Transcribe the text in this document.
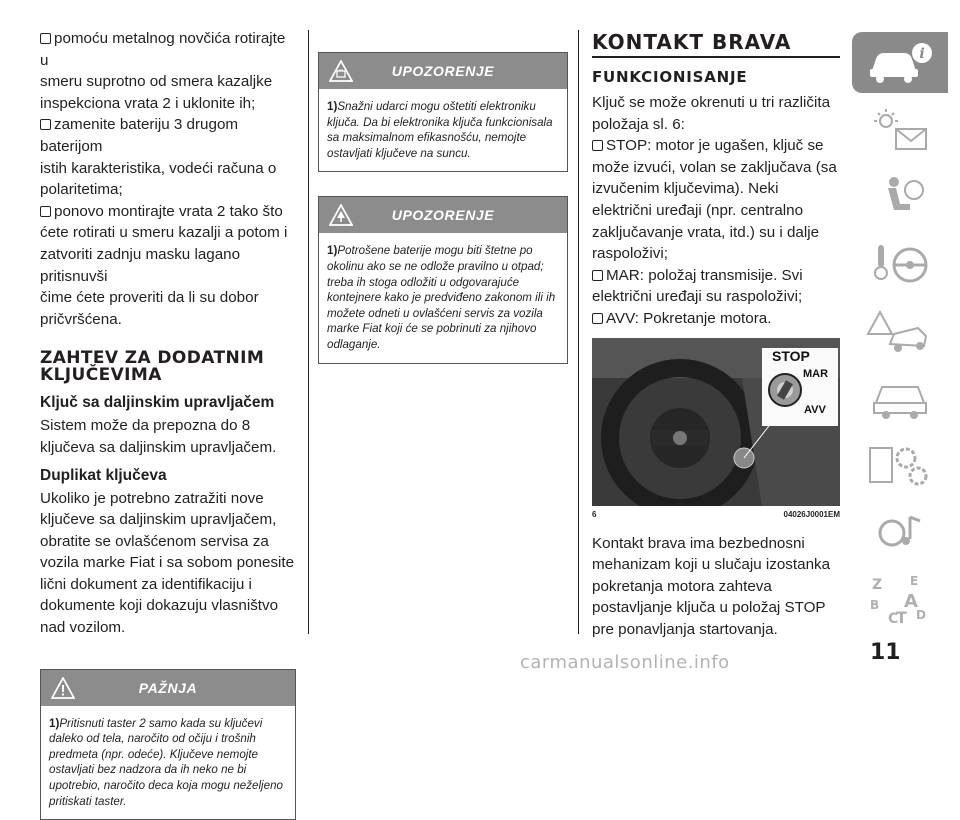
pomoću metalnog novčića rotirajte u
smeru suprotno od smera kazaljke
inspekciona vrata 2 i uklonite ih;
zamenite bateriju 3 drugom baterijom
istih karakteristika, vodeći računa o
polaritetima;
ponovo montirajte vrata 2 tako što
ćete rotirati u smeru kazalji a potom i
zatvoriti zadnju masku lagano pritisnuvši
čime ćete proveriti da li su dobor
pričvršćena.

ZAHTEV ZA DODATNIM KLJUČEVIMA
Ključ sa daljinskim upravljačem

Sistem može da prepozna do 8 ključeva sa daljinskim upravljačem.

Duplikat ključeva

Ukoliko je potrebno zatražiti nove ključeve sa daljinskim upravljačem, obratite se ovlašćenom servisa za vozila marke Fiat i sa sobom ponesite lični dokument za identifikaciju i dokumente koji dokazuju vlasništvo nad vozilom.

PAŽNJA
1)Pritisnuti taster 2 samo kada su ključevi daleko od tela, naročito od očiju i trošnih predmeta (npr. odeće). Ključeve nemojte ostavljati bez nadzora da ih neko ne bi upotrebio, naročito deca koja mogu neželjeno pritiskati taster.
UPOZORENJE
1)Snažni udarci mogu oštetiti elektroniku ključa. Da bi elektronika ključa funkcionisala sa maksimalnom efikasnošću, nemojte ostavljati ključeve na suncu.
UPOZORENJE
1)Potrošene baterije mogu biti štetne po okolinu ako se ne odlože pravilno u otpad; treba ih stoga odložiti u odgovarajuće kontejnere kako je predviđeno zakonom ili ih možete odneti u ovlašćeni servis za vozila marke Fiat koji će se pobrinuti za njihovo odlaganje.
KONTAKT BRAVA
FUNKCIONISANJE

Ključ se može okrenuti u tri različita položaja sl. 6:

STOP: motor je ugašen, ključ se može izvući, volan se zaključava (sa izvučenim ključevima). Neki električni uređaji (npr. centralno zaključavanje vrata, itd.) su i dalje raspoloživi;

MAR: položaj transmisije. Svi električni uređaji su raspoloživi;

AVV: Pokretanje motora.

STOP
MAR
AVV
6	04026J0001EM

Kontakt brava ima bezbednosni mehanizam koji u slučaju izostanka pokretanja motora zahteva postavljanje ključa u položaj STOP pre ponavljanja startovanja.

i
Z E
B A
C
T D
11
carmanualsonline.info
